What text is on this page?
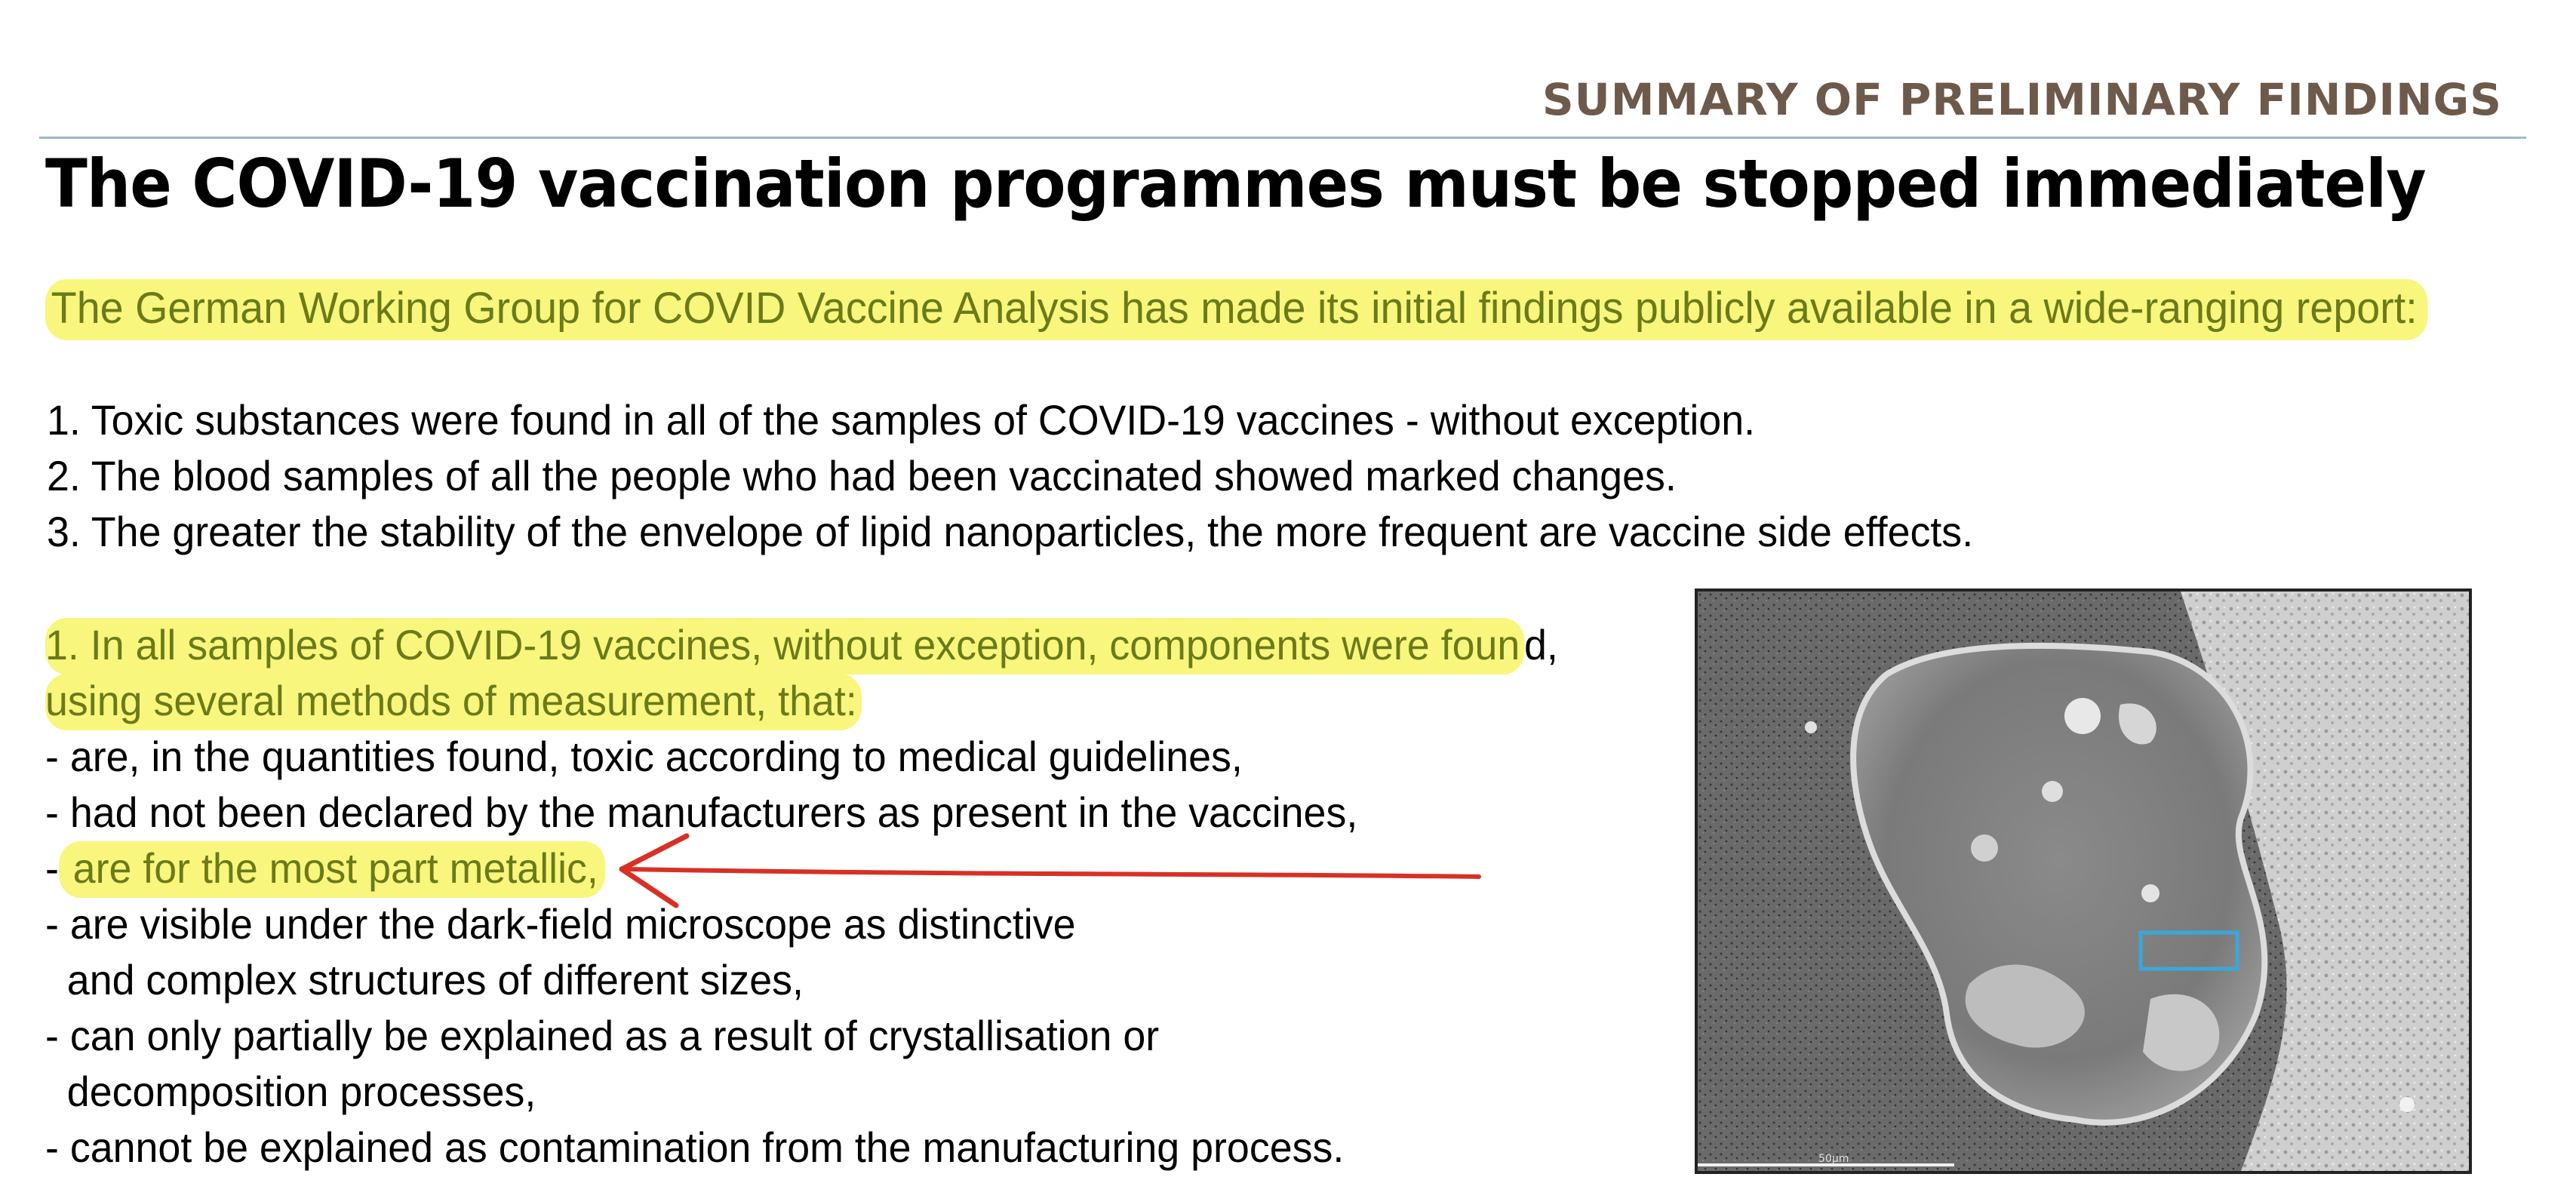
SUMMARY OF PRELIMINARY FINDINGS
The COVID-19 vaccination programmes must be stopped immediately
The German Working Group for COVID Vaccine Analysis has made its initial findings publicly available in a wide-ranging report:
1. Toxic substances were found in all of the samples of COVID-19 vaccines - without exception.
2. The blood samples of all the people who had been vaccinated showed marked changes.
3. The greater the stability of the envelope of lipid nanoparticles, the more frequent are vaccine side effects.
1. In all samples of COVID-19 vaccines, without exception, components were foun d,
using several methods of measurement, that:
- are, in the quantities found, toxic according to medical guidelines,
- had not been declared by the manufacturers as present in the vaccines,
- are for the most part metallic,
- are visible under the dark-field microscope as distinctive
and complex structures of different sizes,
- can only partially be explained as a result of crystallisation or
decomposition processes,
- cannot be explained as contamination from the manufacturing process.	50µm
